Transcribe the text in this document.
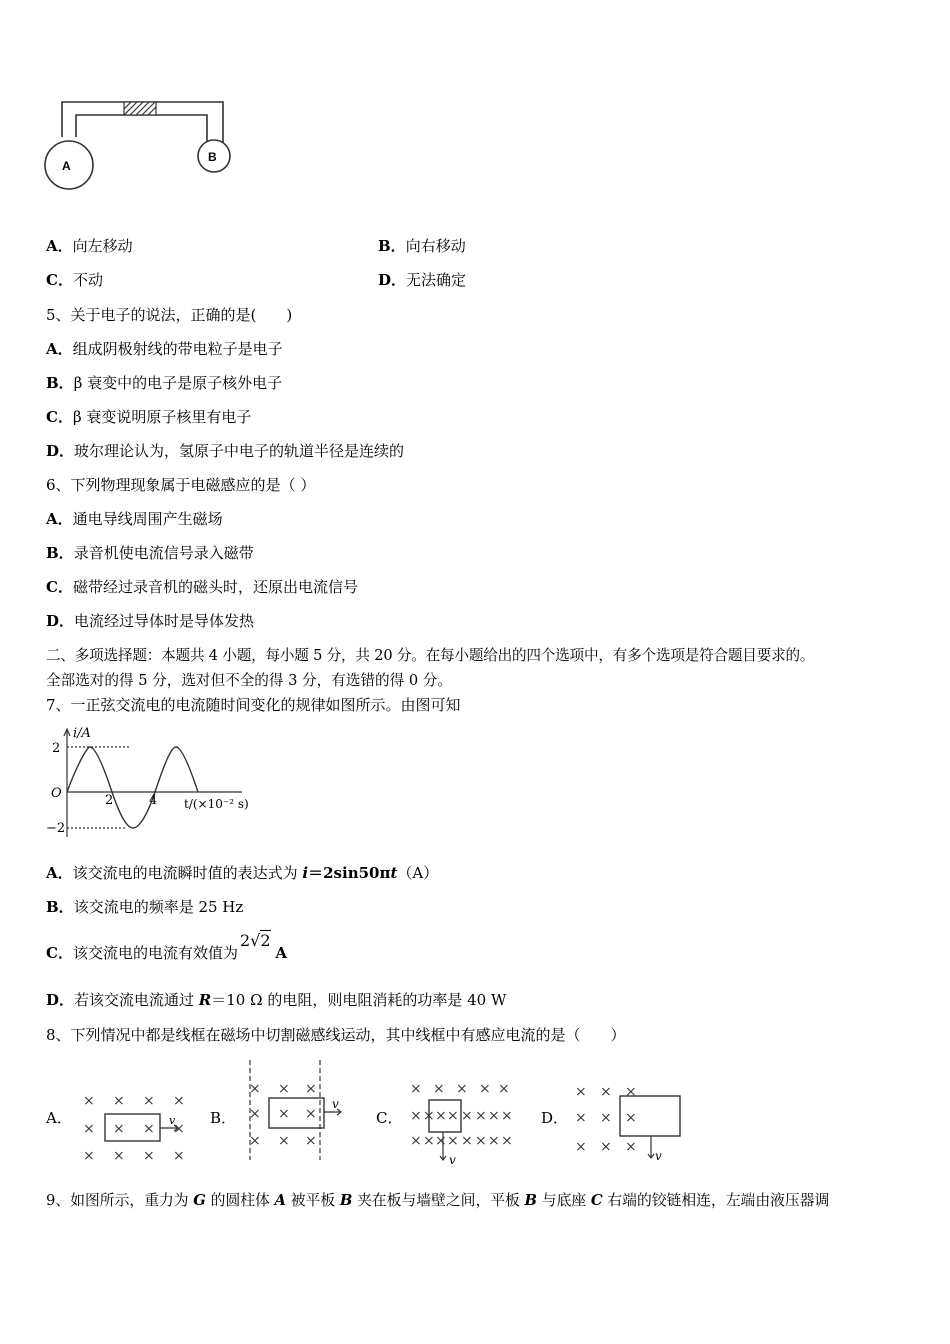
A
B
A．向左移动	B．向右移动
C．不动	D．无法确定
5、关于电子的说法，正确的是(　　)
A．组成阴极射线的带电粒子是电子
B．β 衰变中的电子是原子核外电子
C．β 衰变说明原子核里有电子
D．玻尔理论认为，氢原子中电子的轨道半径是连续的
6、下列物理现象属于电磁感应的是（ ）
A．通电导线周围产生磁场
B．录音机使电流信号录入磁带
C．磁带经过录音机的磁头时，还原出电流信号
D．电流经过导体时是导体发热
二、多项选择题：本题共 4 小题，每小题 5 分，共 20 分。在每小题给出的四个选项中，有多个选项是符合题目要求的。
全部选对的得 5 分，选对但不全的得 3 分，有选错的得 0 分。
7、一正弦交流电的电流随时间变化的规律如图所示。由图可知
i/A
2
O
−2
2	4 t/(×10⁻² s)
A．该交流电的电流瞬时值的表达式为 i＝2sin50πt（A）
B．该交流电的频率是 25 Hz
C．该交流电的电流有效值为2√2 A
D．若该交流电流通过 R＝10 Ω 的电阻，则电阻消耗的功率是 40 W
8、下列情况中都是线框在磁场中切割磁感线运动，其中线框中有感应电流的是（　　）
A．	B．	C．	D．
× × × ×
× × × ×
× × × ×
v
× × ×
× × ×
× × ×
v
× × × × ×
× × × × × × × ×
× × × × × × × ×
v
× × ×
× × ×
× × ×
v
9、如图所示，重力为 G 的圆柱体 A 被平板 B 夹在板与墙壁之间，平板 B 与底座 C 右端的铰链相连，左端由液压器调
